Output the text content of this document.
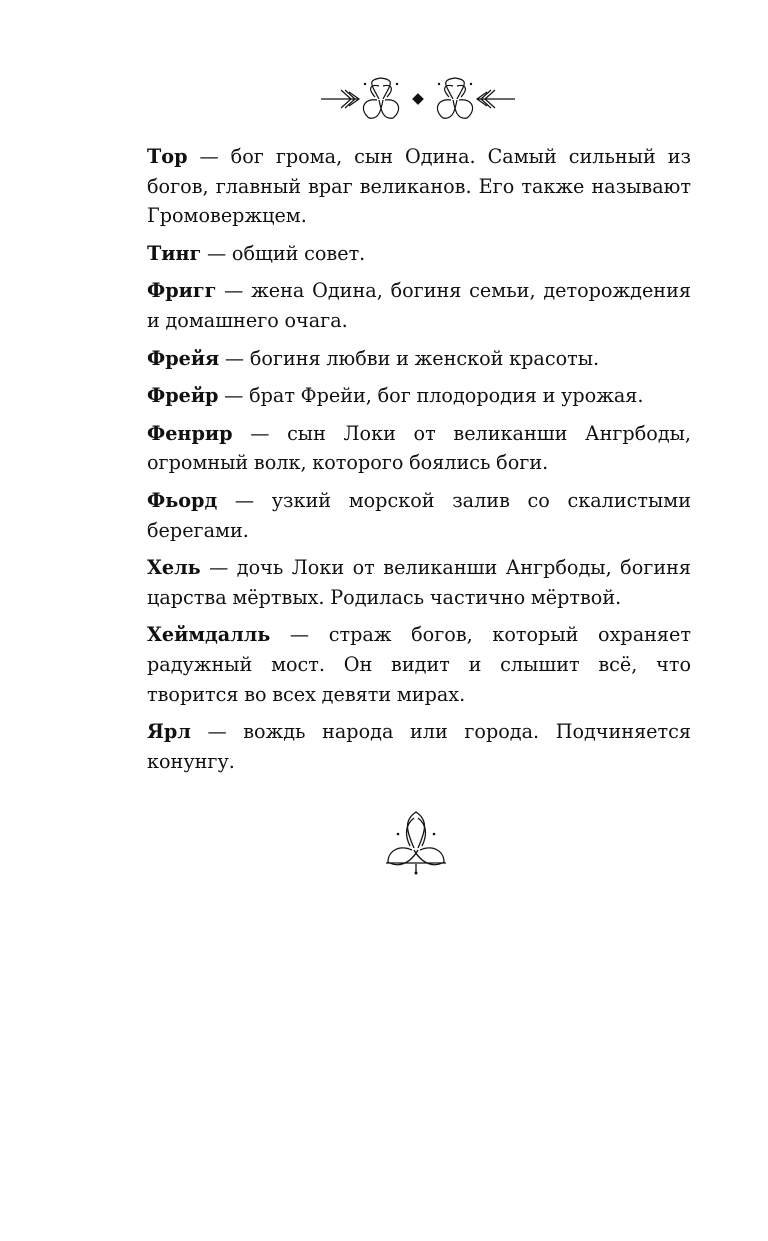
Тор — бог грома, сын Одина. Самый сильный из богов, главный враг великанов. Его также называют Громовержцем.

Тинг — общий совет.

Фригг — жена Одина, богиня семьи, деторождения и домашнего очага.

Фрейя — богиня любви и женской красоты.

Фрейр — брат Фрейи, бог плодородия и урожая.

Фенрир — сын Локи от великанши Ангрбоды, огромный волк, которого боялись боги.

Фьорд — узкий морской залив со скалистыми берегами.

Хель — дочь Локи от великанши Ангрбоды, богиня царства мёртвых. Родилась частично мёртвой.

Хеймдалль — страж богов, который охраняет радужный мост. Он видит и слышит всё, что творится во всех девяти мирах.

Ярл — вождь народа или города. Подчиняется конунгу.
